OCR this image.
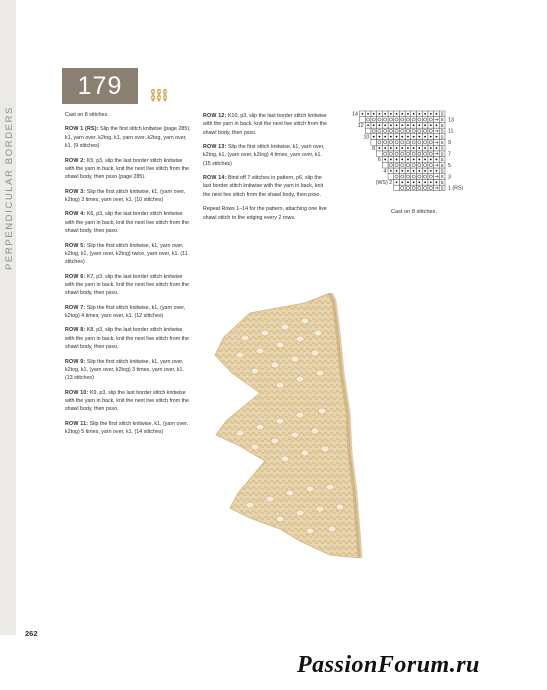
PERPENDICULAR BORDERS
262
179

Cast on 8 stitches.

ROW 1 (RS): Slip the first stitch knitwise (page 285), k1, yarn over, k2tog, k1, yarn over, k2tog, yarn over, k1. (9 stitches)

ROW 2: K5, p3, slip the last border stitch knitwise with the yarn in back, knit the next live stitch from the shawl body, then psso (page 285).

ROW 3: Slip the first stitch knitwise, k1, (yarn over, k2tog) 3 times, yarn over, k1. (10 stitches)

ROW 4: K6, p3, slip the last border stitch knitwise with the yarn in back, knit the next live stitch from the shawl body, then psso.

ROW 5: Slip the first stitch knitwise, k1, yarn over, k2tog, k1, (yarn over, k2tog) twice, yarn over, k1. (11 stitches)

ROW 6: K7, p3, slip the last border stitch knitwise with the yarn in back, knit the next live stitch from the shawl body, then psso.

ROW 7: Slip the first stitch knitwise, k1, (yarn over, k2tog) 4 times, yarn over, k1. (12 stitches)

ROW 8: K8, p3, slip the last border stitch knitwise with the yarn in back, knit the next live stitch from the shawl body, then psso.

ROW 9: Slip the first stitch knitwise, k1, yarn over, k2tog, k1, (yarn over, k2tog) 3 times, yarn over, k1. (13 stitches)

ROW 10: K9, p3, slip the last border stitch knitwise with the yarn in back, knit the next live stitch from the shawl body, then psso.

ROW 11: Slip the first stitch knitwise, k1, (yarn over, k2tog) 5 times, yarn over, k1. (14 stitches)

ROW 12: K10, p3, slip the last border stitch knitwise with the yarn in back, knit the next live stitch from the shawl body, then psso.

ROW 13: Slip the first stitch knitwise, k1, yarn over, k2tog, k1, (yarn over, k2tog) 4 times, yarn over, k1. (15 stitches)

ROW 14: Bind off 7 stitches in pattern, p6, slip the last border stitch knitwise with the yarn in back, knit the next live stitch from the shawl body, then psso.

Repeat Rows 1–14 for the pattern, attaching one live shawl stitch to the edging every 2 rows.

S
S
S
S
S
S
S
S
S
S
S
S
S
S
13
11
9
7
5
3
1 (RS)
14
12
10
8
6
4
(WS) 2
Cast on 8 stitches.
PassionForum.ru
